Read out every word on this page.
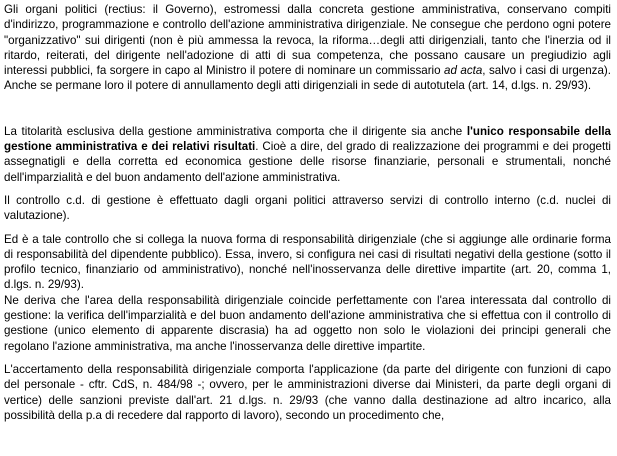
Gli organi politici (rectius: il Governo), estromessi dalla concreta gestione amministrativa, conservano compiti d'indirizzo, programmazione e controllo dell'azione amministrativa dirigenziale. Ne consegue che perdono ogni potere "organizzativo" sui dirigenti (non è più ammessa la revoca, la riforma…degli atti dirigenziali, tanto che l'inerzia od il ritardo, reiterati, del dirigente nell'adozione di atti di sua competenza, che possano causare un pregiudizio agli interessi pubblici, fa sorgere in capo al Ministro il potere di nominare un commissario ad acta, salvo i casi di urgenza). Anche se permane loro il potere di annullamento degli atti dirigenziali in sede di autotutela (art. 14, d.lgs. n. 29/93).

La titolarità esclusiva della gestione amministrativa comporta che il dirigente sia anche l'unico responsabile della gestione amministrativa e dei relativi risultati. Cioè a dire, del grado di realizzazione dei programmi e dei progetti assegnatigli e della corretta ed economica gestione delle risorse finanziarie, personali e strumentali, nonché dell'imparzialità e del buon andamento dell'azione amministrativa.

Il controllo c.d. di gestione è effettuato dagli organi politici attraverso servizi di controllo interno (c.d. nuclei di valutazione).

Ed è a tale controllo che si collega la nuova forma di responsabilità dirigenziale (che si aggiunge alle ordinarie forma di responsabilità del dipendente pubblico). Essa, invero, si configura nei casi di risultati negativi della gestione (sotto il profilo tecnico, finanziario od amministrativo), nonché nell'inosservanza delle direttive impartite (art. 20, comma 1, d.lgs. n. 29/93).

Ne deriva che l'area della responsabilità dirigenziale coincide perfettamente con l'area interessata dal controllo di gestione: la verifica dell'imparzialità e del buon andamento dell'azione amministrativa che si effettua con il controllo di gestione (unico elemento di apparente discrasia) ha ad oggetto non solo le violazioni dei principi generali che regolano l'azione amministrativa, ma anche l'inosservanza delle direttive impartite.

L'accertamento della responsabilità dirigenziale comporta l'applicazione (da parte del dirigente con funzioni di capo del personale - cftr. CdS, n. 484/98 -; ovvero, per le amministrazioni diverse dai Ministeri, da parte degli organi di vertice) delle sanzioni previste dall'art. 21 d.lgs. n. 29/93 (che vanno dalla destinazione ad altro incarico, alla possibilità della p.a di recedere dal rapporto di lavoro), secondo un procedimento che,
